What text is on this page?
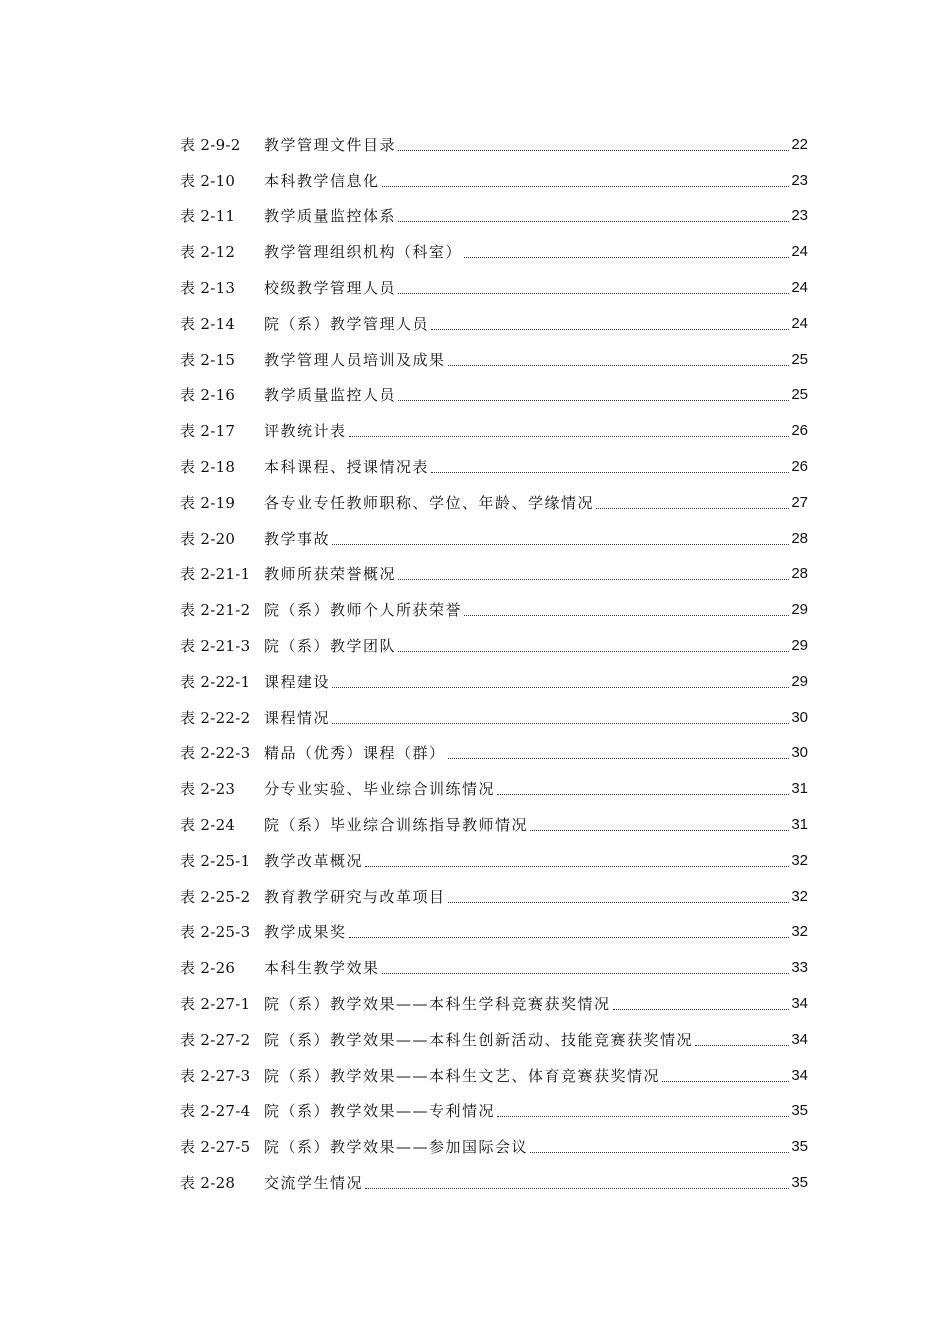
表 2-9-2	教学管理文件目录	22
表 2-10	本科教学信息化	23
表 2-11	教学质量监控体系	23
表 2-12	教学管理组织机构（科室）	24
表 2-13	校级教学管理人员	24
表 2-14	院（系）教学管理人员	24
表 2-15	教学管理人员培训及成果	25
表 2-16	教学质量监控人员	25
表 2-17	评教统计表	26
表 2-18	本科课程、授课情况表	26
表 2-19	各专业专任教师职称、学位、年龄、学缘情况	27
表 2-20	教学事故	28
表 2-21-1 教师所获荣誉概况	28
表 2-21-2 院（系）教师个人所获荣誉	29
表 2-21-3 院（系）教学团队	29
表 2-22-1 课程建设	29
表 2-22-2 课程情况	30
表 2-22-3 精品（优秀）课程（群）	30
表 2-23	分专业实验、毕业综合训练情况	31
表 2-24	院（系）毕业综合训练指导教师情况	31
表 2-25-1 教学改革概况	32
表 2-25-2 教育教学研究与改革项目	32
表 2-25-3 教学成果奖	32
表 2-26	本科生教学效果	33
表 2-27-1 院（系）教学效果——本科生学科竞赛获奖情况	34
表 2-27-2 院（系）教学效果——本科生创新活动、技能竞赛获奖情况	34
表 2-27-3 院（系）教学效果——本科生文艺、体育竞赛获奖情况	34
表 2-27-4 院（系）教学效果——专利情况	35
表 2-27-5 院（系）教学效果——参加国际会议	35
表 2-28	交流学生情况	35
